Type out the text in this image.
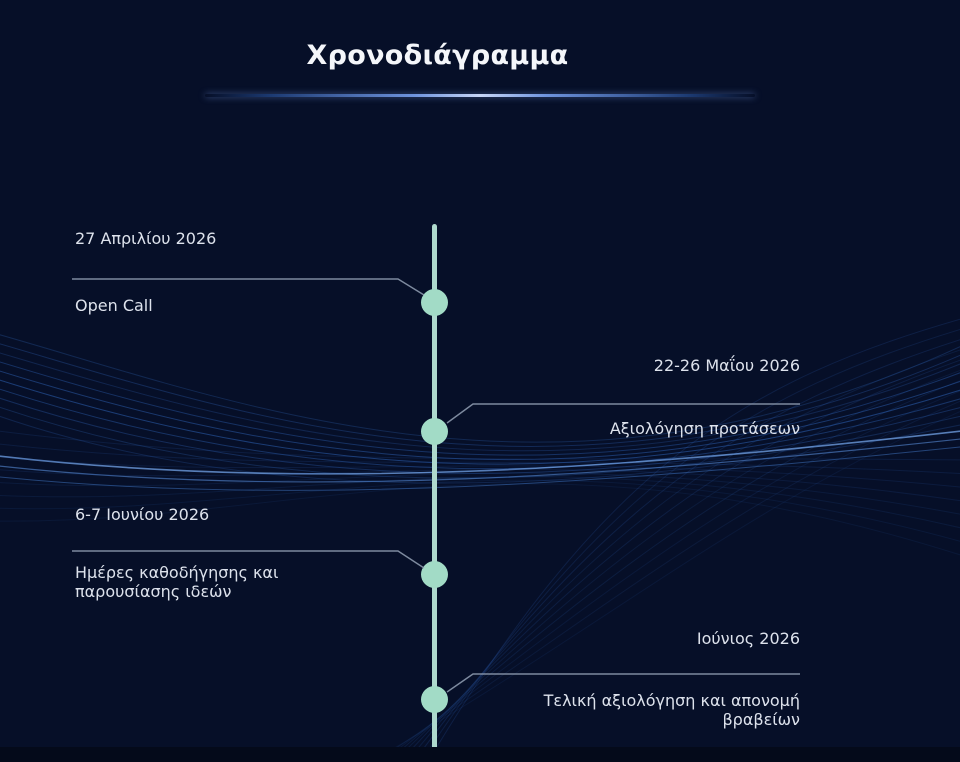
Χρονοδιάγραμμα
27 Απριλίου 2026
Open Call
22-26 Μαΐου 2026
Αξιολόγηση προτάσεων
6-7 Ιουνίου 2026
Ημέρες καθοδήγησης και παρουσίασης ιδεών
Ιούνιος 2026
Τελική αξιολόγηση και απονομή βραβείων
